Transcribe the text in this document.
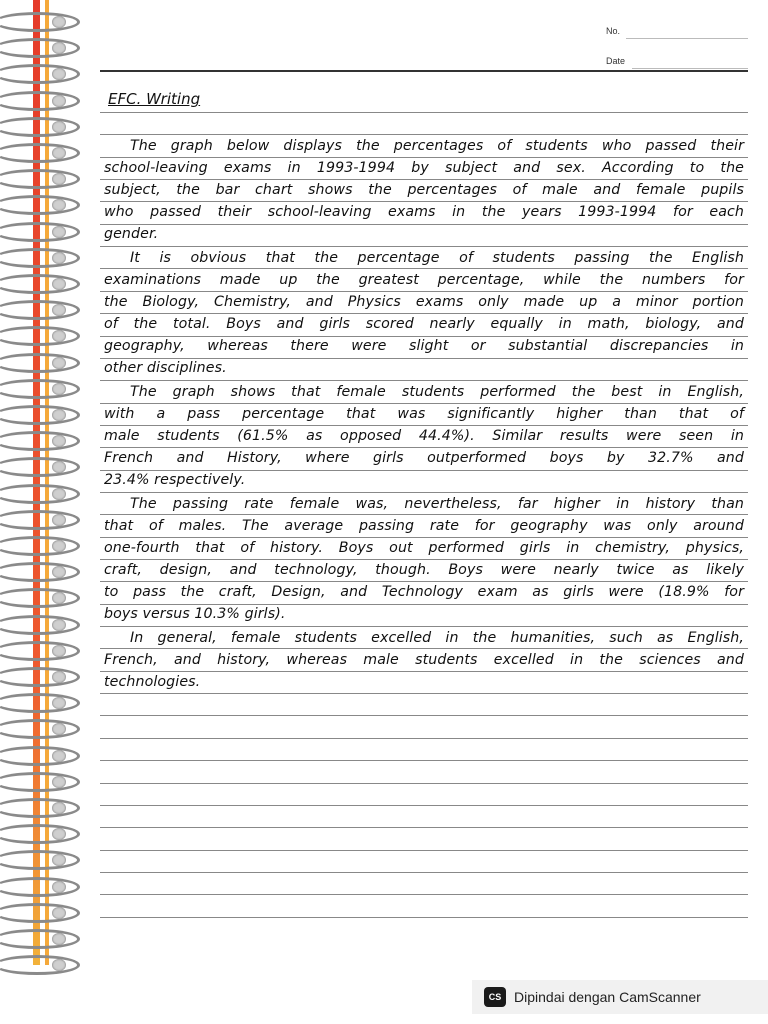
No.
Date
EFC. Writing
The graph below displays the percentages of students who passed their
school-leaving exams in 1993-1994 by subject and sex. According to the
subject, the bar chart shows the percentages of male and female pupils
who passed their school-leaving exams in the years 1993-1994 for each
gender.
It is obvious that the percentage of students passing the English
examinations made up the greatest percentage, while the numbers for
the Biology, Chemistry, and Physics exams only made up a minor portion
of the total. Boys and girls scored nearly equally in math, biology, and
geography, whereas there were slight or substantial discrepancies in
other disciplines.
The graph shows that female students performed the best in English,
with a pass percentage that was significantly higher than that of
male students (61.5% as opposed 44.4%). Similar results were seen in
French and History, where girls outperformed boys by 32.7% and
23.4% respectively.
The passing rate female was, nevertheless, far higher in history than
that of males. The average passing rate for geography was only around
one-fourth that of history. Boys out performed girls in chemistry, physics,
craft, design, and technology, though. Boys were nearly twice as likely
to pass the craft, Design, and Technology exam as girls were (18.9% for
boys versus 10.3% girls).
In general, female students excelled in the humanities, such as English,
French, and history, whereas male students excelled in the sciences and
technologies.
CS Dipindai dengan CamScanner
